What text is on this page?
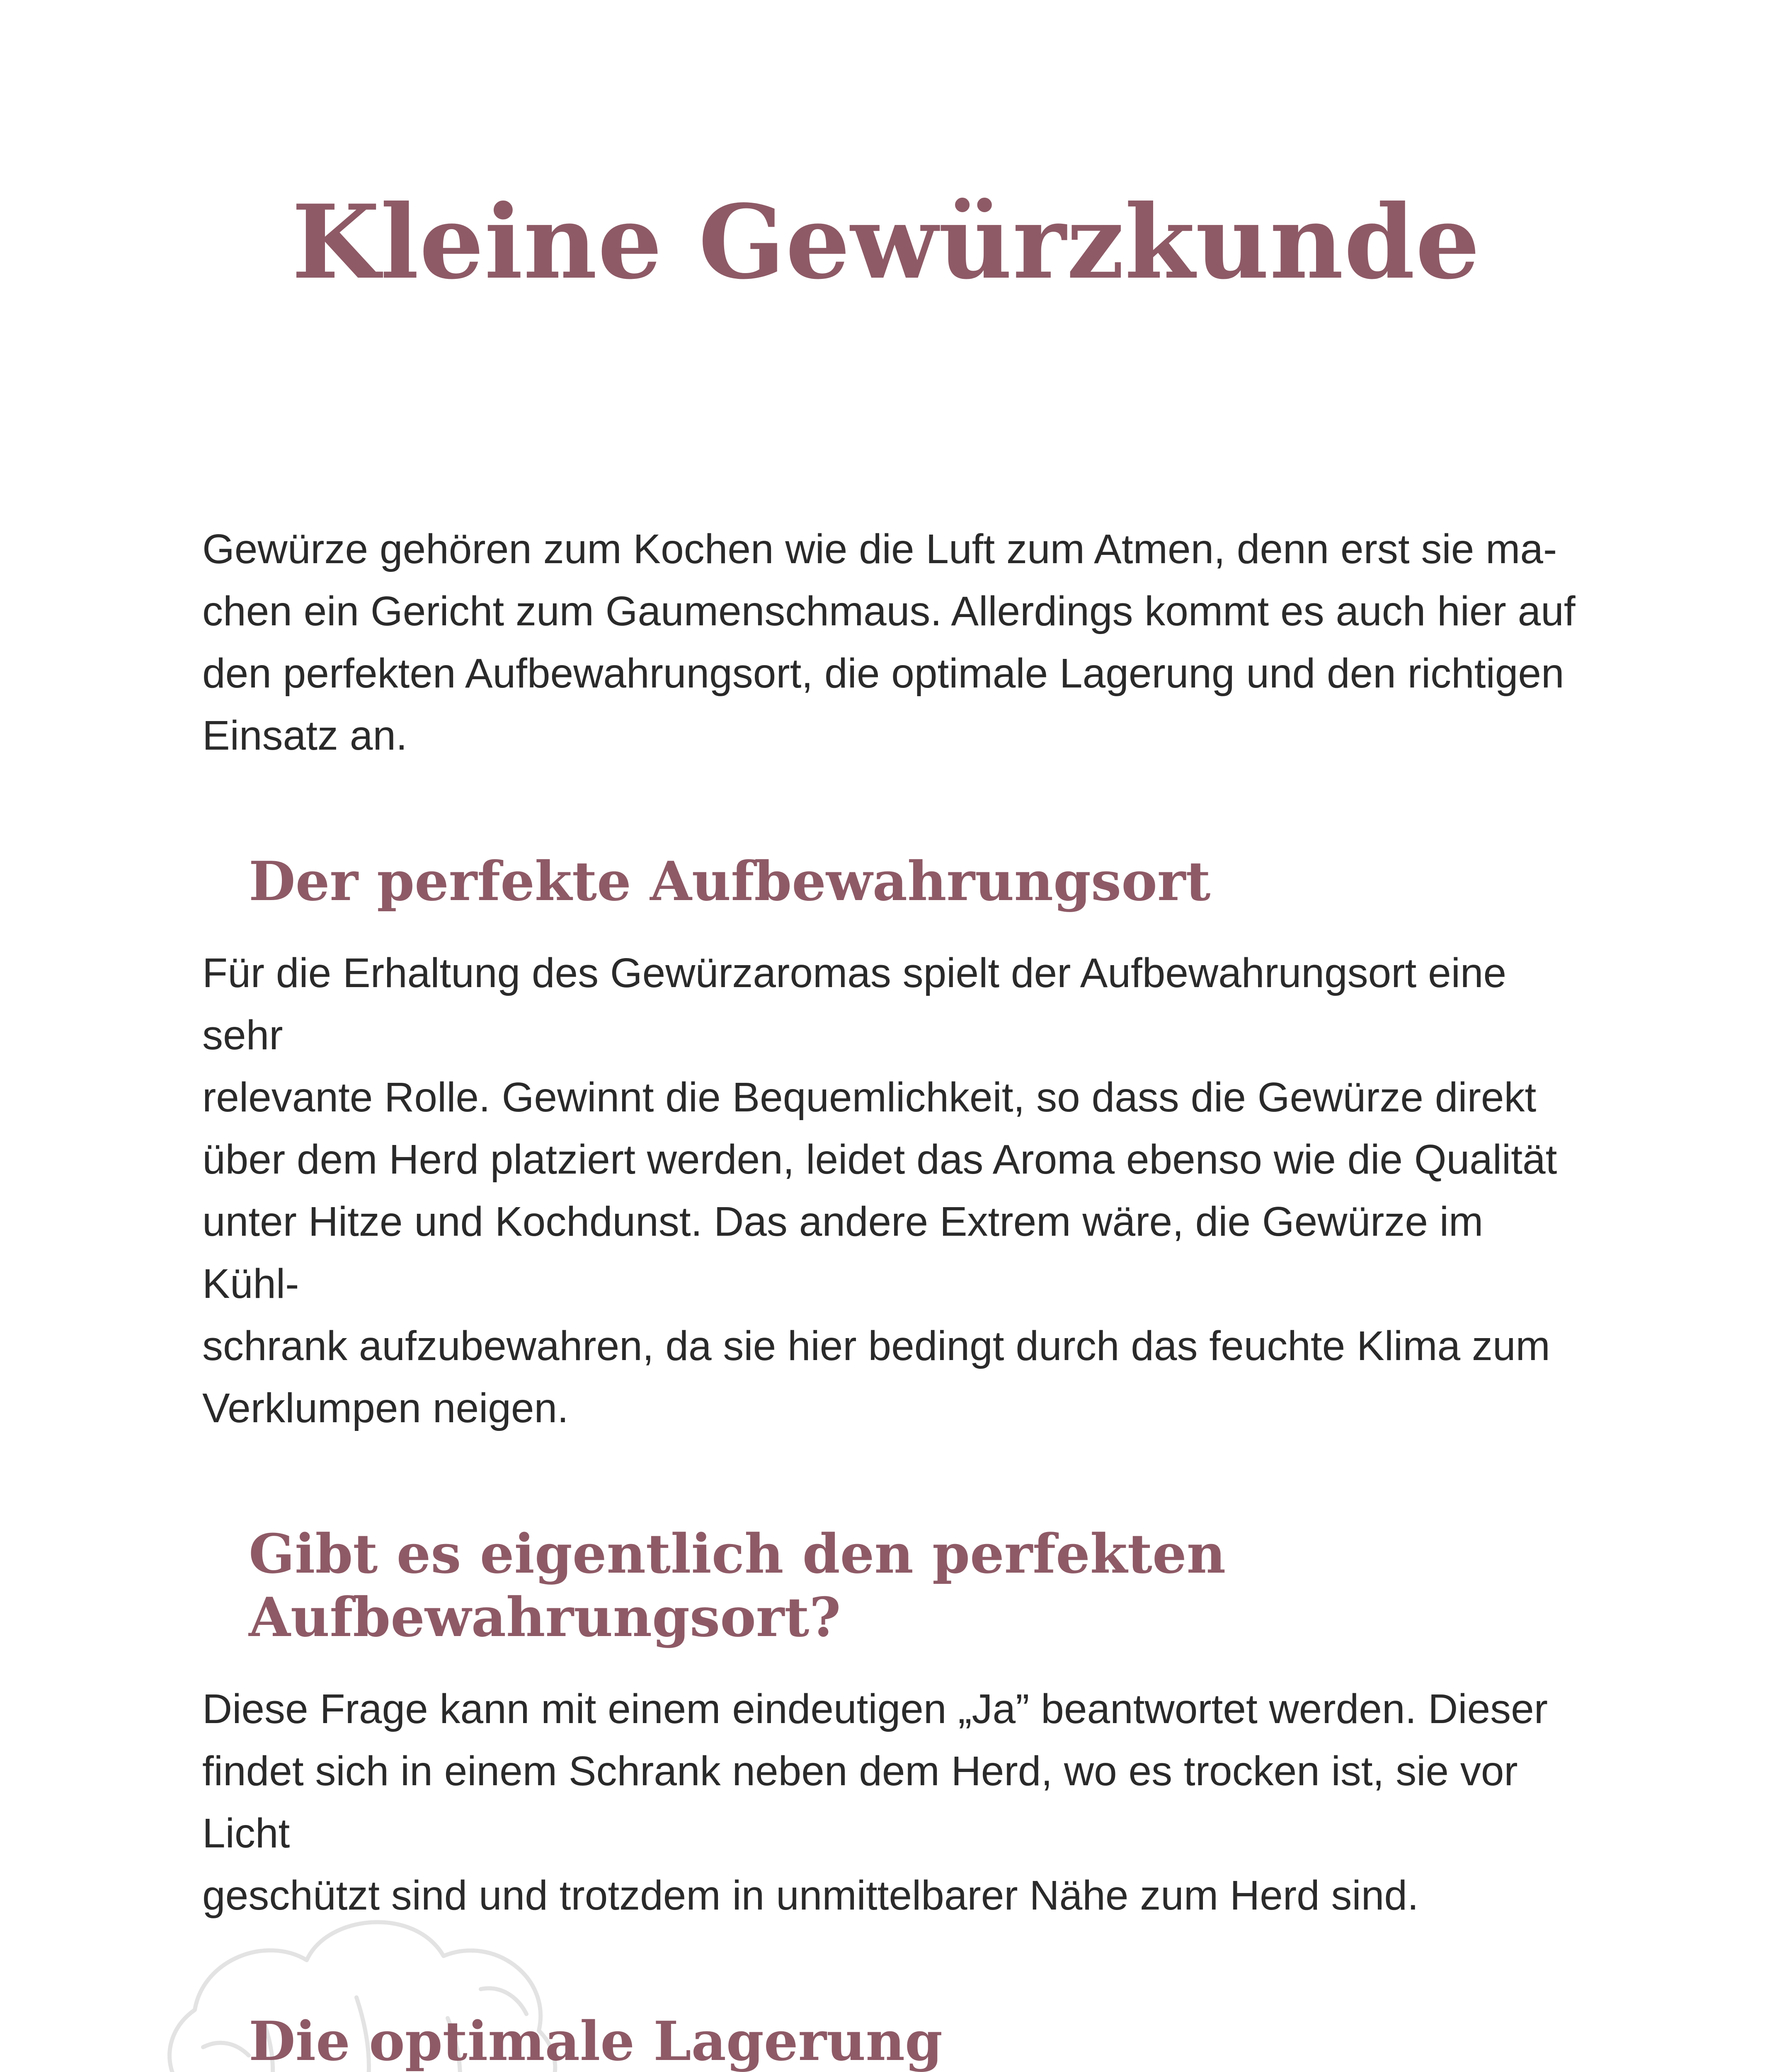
Kleine Gewürzkunde
Gewürze gehören zum Kochen wie die Luft zum Atmen, denn erst sie ma-
chen ein Gericht zum Gaumenschmaus. Allerdings kommt es auch hier auf
den perfekten Aufbewahrungsort, die optimale Lagerung und den richtigen
Einsatz an.
Der perfekte Aufbewahrungsort
Für die Erhaltung des Gewürzaromas spielt der Aufbewahrungsort eine sehr
relevante Rolle. Gewinnt die Bequemlichkeit, so dass die Gewürze direkt
über dem Herd platziert werden, leidet das Aroma ebenso wie die Qualität
unter Hitze und Kochdunst. Das andere Extrem wäre, die Gewürze im Kühl-
schrank aufzubewahren, da sie hier bedingt durch das feuchte Klima zum
Verklumpen neigen.
Gibt es eigentlich den perfekten Aufbewahrungsort?
Diese Frage kann mit einem eindeutigen „Ja” beantwortet werden. Dieser
findet sich in einem Schrank neben dem Herd, wo es trocken ist, sie vor Licht
geschützt sind und trotzdem in unmittelbarer Nähe zum Herd sind.
Die optimale Lagerung
